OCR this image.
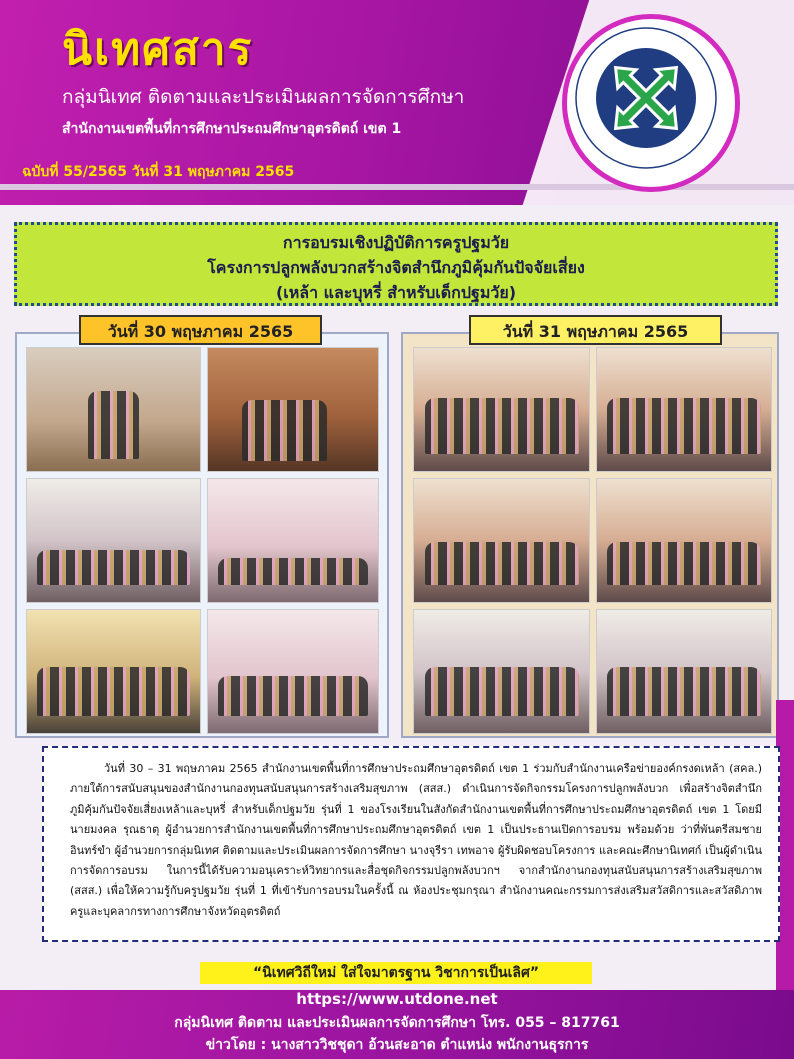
นิเทศสาร
กลุ่มนิเทศ ติดตามและประเมินผลการจัดการศึกษา
สำนักงานเขตพื้นที่การศึกษาประถมศึกษาอุตรดิตถ์ เขต 1
ฉบับที่ 55/2565 วันที่ 31 พฤษภาคม 2565
การอบรมเชิงปฏิบัติการครูปฐมวัย
โครงการปลูกพลังบวกสร้างจิตสำนึกภูมิคุ้มกันปัจจัยเสี่ยง
(เหล้า และบุหรี่ สำหรับเด็กปฐมวัย)
วันที่ 30 พฤษภาคม 2565	วันที่ 31 พฤษภาคม 2565

วันที่ 30 – 31 พฤษภาคม 2565 สำนักงานเขตพื้นที่การศึกษาประถมศึกษาอุตรดิตถ์ เขต 1 ร่วมกับสำนักงานเครือข่ายองค์กรงดเหล้า (สคล.) ภายใต้การสนับสนุนของสำนักงานกองทุนสนับสนุนการสร้างเสริมสุขภาพ (สสส.) ดำเนินการจัดกิจกรรมโครงการปลูกพลังบวก เพื่อสร้างจิตสำนึกภูมิคุ้มกันปัจจัยเสี่ยงเหล้าและบุหรี่ สำหรับเด็กปฐมวัย รุ่นที่ 1 ของโรงเรียนในสังกัดสำนักงานเขตพื้นที่การศึกษาประถมศึกษาอุตรดิตถ์ เขต 1 โดยมี นายมงคล รุณธาตุ ผู้อำนวยการสำนักงานเขตพื้นที่การศึกษาประถมศึกษาอุตรดิตถ์ เขต 1 เป็นประธานเปิดการอบรม พร้อมด้วย ว่าที่พันตรีสมชาย อินทร์ขำ ผู้อำนวยการกลุ่มนิเทศ ติดตามและประเมินผลการจัดการศึกษา นางจุรีรา เทพอาจ ผู้รับผิดชอบโครงการ และคณะศึกษานิเทศก์ เป็นผู้ดำเนินการจัดการอบรม ในการนี้ได้รับความอนุเคราะห์วิทยากรและสื่อชุดกิจกรรมปลูกพลังบวกฯ จากสำนักงานกองทุนสนับสนุนการสร้างเสริมสุขภาพ (สสส.) เพื่อให้ความรู้กับครูปฐมวัย รุ่นที่ 1 ที่เข้ารับการอบรมในครั้งนี้ ณ ห้องประชุมกรุณา สำนักงานคณะกรรมการส่งเสริมสวัสดิการและสวัสดิภาพครูและบุคลากรทางการศึกษาจังหวัดอุตรดิตถ์

“นิเทศวิถีใหม่ ใส่ใจมาตรฐาน วิชาการเป็นเลิศ”
https://www.utdone.net
กลุ่มนิเทศ ติดตาม และประเมินผลการจัดการศึกษา โทร. 055 – 817761
ข่าวโดย : นางสาววิชชุดา อ้วนสะอาด ตำแหน่ง พนักงานธุรการ
